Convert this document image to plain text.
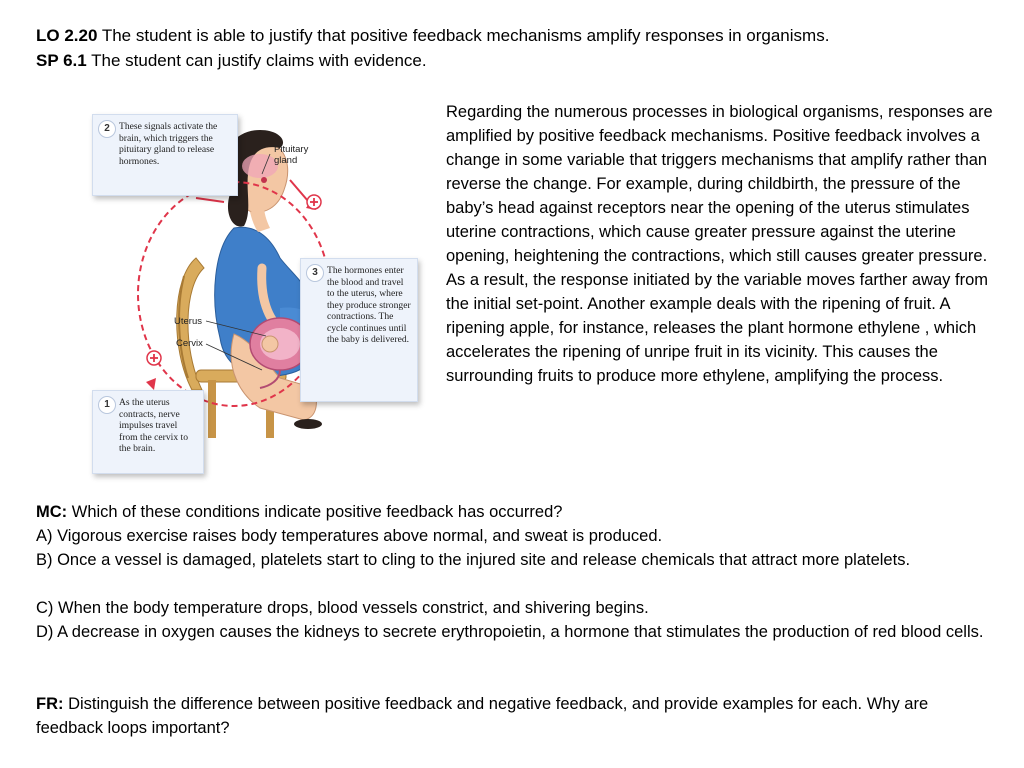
LO 2.20 The student is able to justify that positive feedback mechanisms amplify responses in organisms.
SP 6.1 The student can justify claims with evidence.
2 These signals activate the brain, which triggers the pituitary gland to release hormones.
3 The hormones enter the blood and travel to the uterus, where they produce stronger contractions. The cycle continues until the baby is delivered.
1 As the uterus contracts, nerve impulses travel from the cervix to the brain.
Pituitary gland
Uterus
Cervix

Regarding the numerous processes in biological organisms, responses are amplified by positive feedback mechanisms. Positive feedback involves a change in some variable that triggers mechanisms that amplify rather than reverse the change. For example, during childbirth, the pressure of the baby’s head against receptors near the opening of the uterus stimulates uterine contractions, which cause greater pressure against the uterine opening, heightening the contractions, which still causes greater pressure. As a result, the response initiated by the variable moves farther away from the initial set-point. Another example deals with the ripening of fruit. A ripening apple, for instance, releases the plant hormone ethylene , which accelerates the ripening of unripe fruit in its vicinity. This causes the surrounding fruits to produce more ethylene, amplifying the process.

MC: Which of these conditions indicate positive feedback has occurred?

A) Vigorous exercise raises body temperatures above normal, and sweat is produced.

B) Once a vessel is damaged, platelets start to cling to the injured site and release chemicals that attract more platelets.

C) When the body temperature drops, blood vessels constrict, and shivering begins.

D) A decrease in oxygen causes the kidneys to secrete erythropoietin, a hormone that stimulates the production of red blood cells.

FR: Distinguish the difference between positive feedback and negative feedback, and provide examples for each. Why are feedback loops important?
